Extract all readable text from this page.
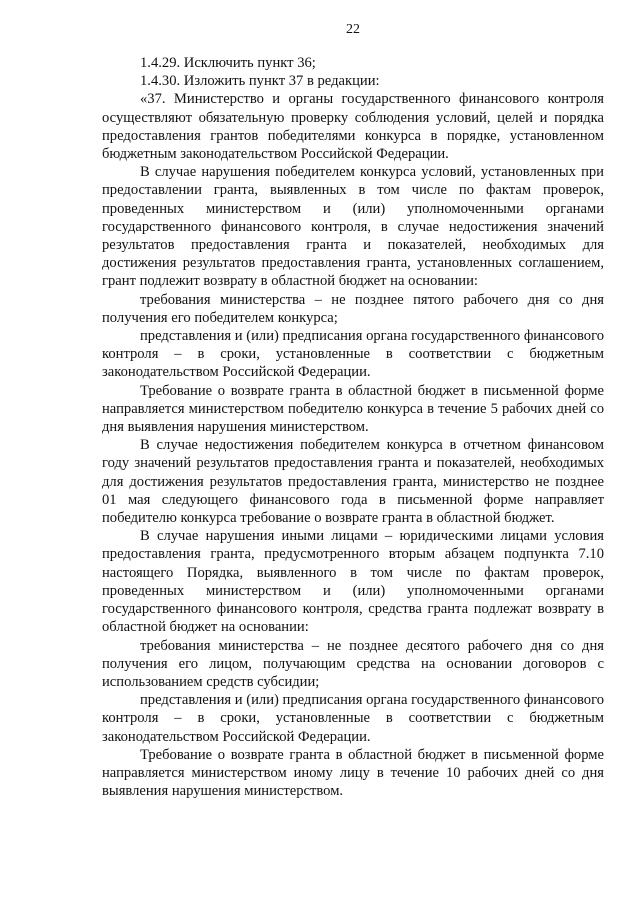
22

1.4.29. Исключить пункт 36;

1.4.30. Изложить пункт 37 в редакции:

«37. Министерство и органы государственного финансового контроля осуществляют обязательную проверку соблюдения условий, целей и порядка предоставления грантов победителями конкурса в порядке, установленном бюджетным законодательством Российской Федерации.

В случае нарушения победителем конкурса условий, установленных при предоставлении гранта, выявленных в том числе по фактам проверок, проведенных министерством и (или) уполномоченными органами государственного финансового контроля, в случае недостижения значений результатов предоставления гранта и показателей, необходимых для достижения результатов предоставления гранта, установленных соглашением, грант подлежит возврату в областной бюджет на основании:

требования министерства – не позднее пятого рабочего дня со дня получения его победителем конкурса;

представления и (или) предписания органа государственного финансового контроля – в сроки, установленные в соответствии с бюджетным законодательством Российской Федерации.

Требование о возврате гранта в областной бюджет в письменной форме направляется министерством победителю конкурса в течение 5 рабочих дней со дня выявления нарушения министерством.

В случае недостижения победителем конкурса в отчетном финансовом году значений результатов предоставления гранта и показателей, необходимых для достижения результатов предоставления гранта, министерство не позднее 01 мая следующего финансового года в письменной форме направляет победителю конкурса требование о возврате гранта в областной бюджет.

В случае нарушения иными лицами – юридическими лицами условия предоставления гранта, предусмотренного вторым абзацем подпункта 7.10 настоящего Порядка, выявленного в том числе по фактам проверок, проведенных министерством и (или) уполномоченными органами государственного финансового контроля, средства гранта подлежат возврату в областной бюджет на основании:

требования министерства – не позднее десятого рабочего дня со дня получения его лицом, получающим средства на основании договоров с использованием средств субсидии;

представления и (или) предписания органа государственного финансового контроля – в сроки, установленные в соответствии с бюджетным законодательством Российской Федерации.

Требование о возврате гранта в областной бюджет в письменной форме направляется министерством иному лицу в течение 10 рабочих дней со дня выявления нарушения министерством.
